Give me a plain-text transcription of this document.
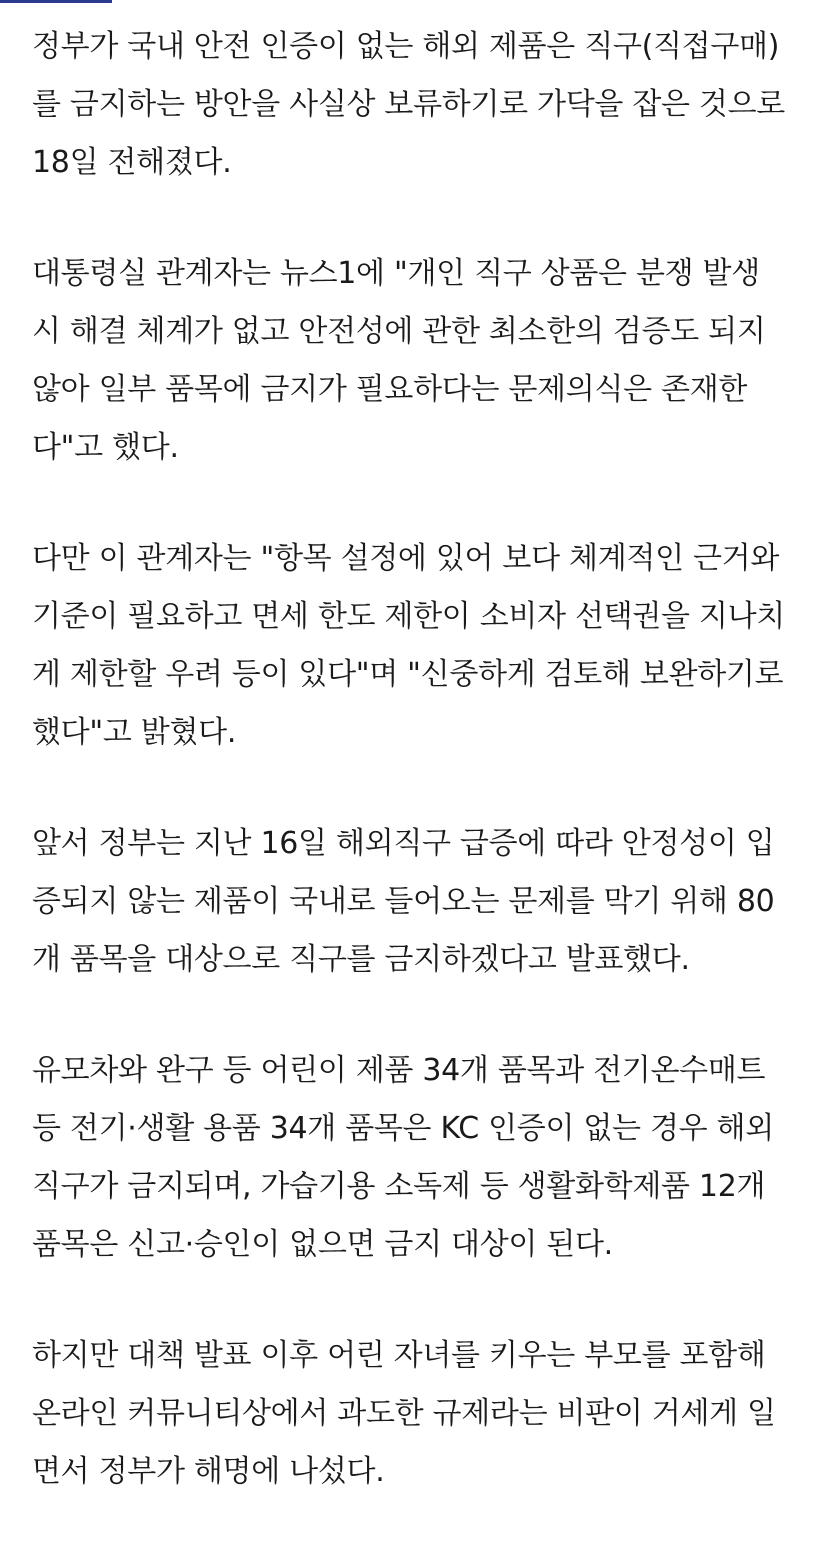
정부가 국내 안전 인증이 없는 해외 제품은 직구(직접구매)
를 금지하는 방안을 사실상 보류하기로 가닥을 잡은 것으로
18일 전해졌다.

대통령실 관계자는 뉴스1에 "개인 직구 상품은 분쟁 발생
시 해결 체계가 없고 안전성에 관한 최소한의 검증도 되지
않아 일부 품목에 금지가 필요하다는 문제의식은 존재한
다"고 했다.

다만 이 관계자는 "항목 설정에 있어 보다 체계적인 근거와
기준이 필요하고 면세 한도 제한이 소비자 선택권을 지나치
게 제한할 우려 등이 있다"며 "신중하게 검토해 보완하기로
했다"고 밝혔다.

앞서 정부는 지난 16일 해외직구 급증에 따라 안정성이 입
증되지 않는 제품이 국내로 들어오는 문제를 막기 위해 80
개 품목을 대상으로 직구를 금지하겠다고 발표했다.

유모차와 완구 등 어린이 제품 34개 품목과 전기온수매트
등 전기·생활 용품 34개 품목은 KC 인증이 없는 경우 해외
직구가 금지되며, 가습기용 소독제 등 생활화학제품 12개
품목은 신고·승인이 없으면 금지 대상이 된다.

하지만 대책 발표 이후 어린 자녀를 키우는 부모를 포함해
온라인 커뮤니티상에서 과도한 규제라는 비판이 거세게 일
면서 정부가 해명에 나섰다.
